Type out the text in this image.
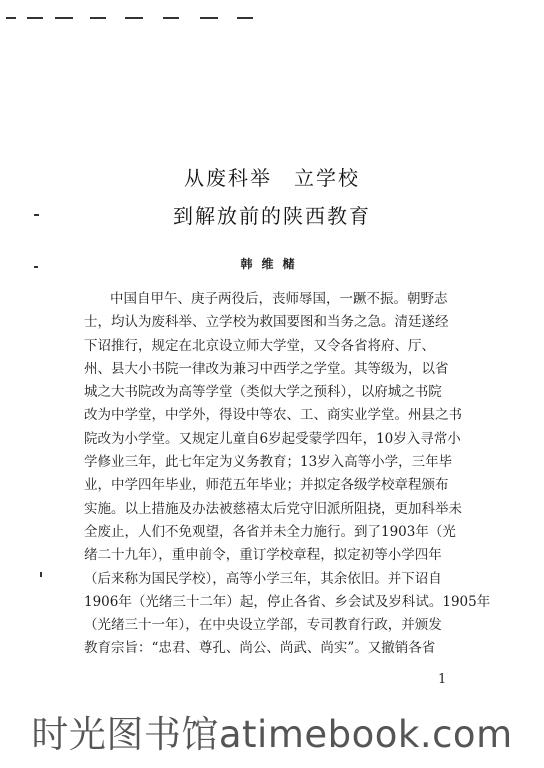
从废科举　立学校
到解放前的陕西教育
韩维槠
中国自甲午、庚子两役后，丧师辱国，一蹶不振。朝野志
士，均认为废科举、立学校为救国要图和当务之急。清廷遂经
下诏推行，规定在北京设立师大学堂，又令各省将府、厅、
州、县大小书院一律改为兼习中西学之学堂。其等级为，以省
城之大书院改为高等学堂（类似大学之预科），以府城之书院
改为中学堂，中学外，得设中等农、工、商实业学堂。州县之书
院改为小学堂。又规定儿童自6岁起受蒙学四年，10岁入寻常小
学修业三年，此七年定为义务教育；13岁入高等小学，三年毕
业，中学四年毕业，师范五年毕业；并拟定各级学校章程颁布
实施。以上措施及办法被慈禧太后党守旧派所阻挠，更加科举未
全废止，人们不免观望，各省并未全力施行。到了1903年（光
绪二十九年），重申前令，重订学校章程，拟定初等小学四年
（后来称为国民学校），高等小学三年，其余依旧。并下诏自
1906年（光绪三十二年）起，停止各省、乡会试及岁科试。1905年
（光绪三十一年），在中央设立学部，专司教育行政，并颁发
教育宗旨：“忠君、尊孔、尚公、尚武、尚实”。又撤销各省
1
时光图书馆atimebook.com
